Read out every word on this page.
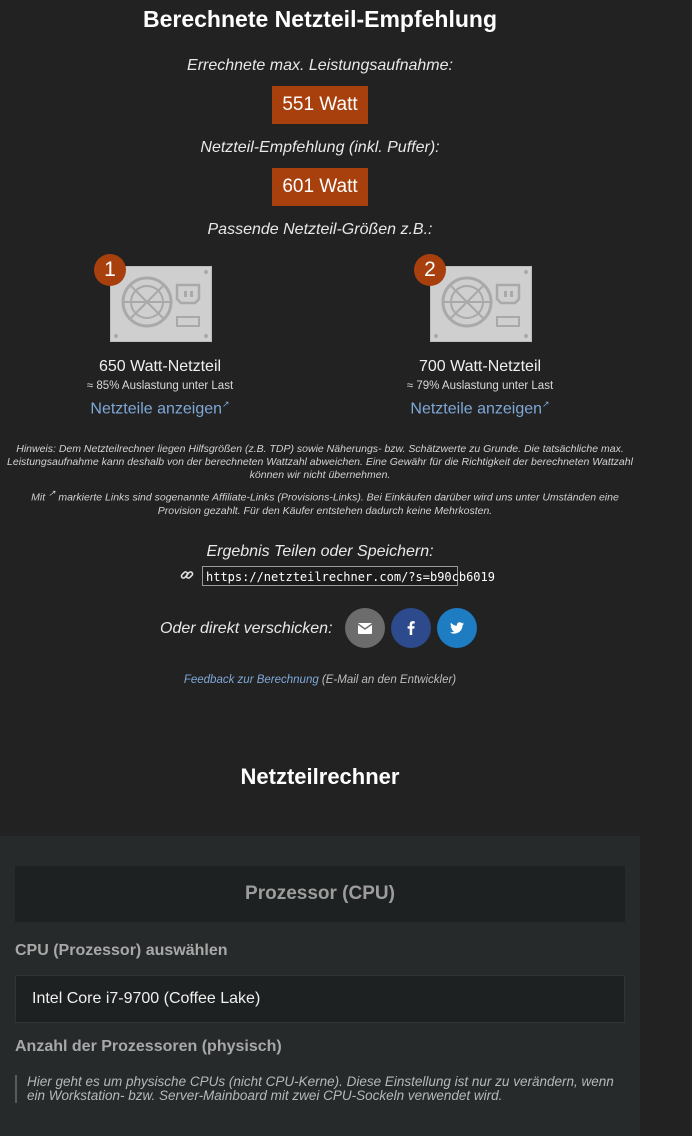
Berechnete Netzteil-Empfehlung
Errechnete max. Leistungsaufnahme:
551 Watt
Netzteil-Empfehlung (inkl. Puffer):
601 Watt
Passende Netzteil-Größen z.B.:
1
650 Watt-Netzteil
≈ 85% Auslastung unter Last
Netzteile anzeigen↗
2
700 Watt-Netzteil
≈ 79% Auslastung unter Last
Netzteile anzeigen↗
Hinweis: Dem Netzteilrechner liegen Hilfsgrößen (z.B. TDP) sowie Näherungs- bzw. Schätzwerte zu Grunde. Die tatsächliche max. Leistungsaufnahme kann deshalb von der berechneten Wattzahl abweichen. Eine Gewähr für die Richtigkeit der berechneten Wattzahl können wir nicht übernehmen.
Mit ↗ markierte Links sind sogenannte Affiliate-Links (Provisions-Links). Bei Einkäufen darüber wird uns unter Umständen eine Provision gezahlt. Für den Käufer entstehen dadurch keine Mehrkosten.
Ergebnis Teilen oder Speichern:
https://netzteilrechner.com/?s=b90cb6019
Oder direkt verschicken:
Feedback zur Berechnung (E-Mail an den Entwickler)
Netzteilrechner
Prozessor (CPU)
CPU (Prozessor) auswählen
Intel Core i7-9700 (Coffee Lake)
Anzahl der Prozessoren (physisch)
Hier geht es um physische CPUs (nicht CPU-Kerne). Diese Einstellung ist nur zu verändern, wenn ein Workstation- bzw. Server-Mainboard mit zwei CPU-Sockeln verwendet wird.
